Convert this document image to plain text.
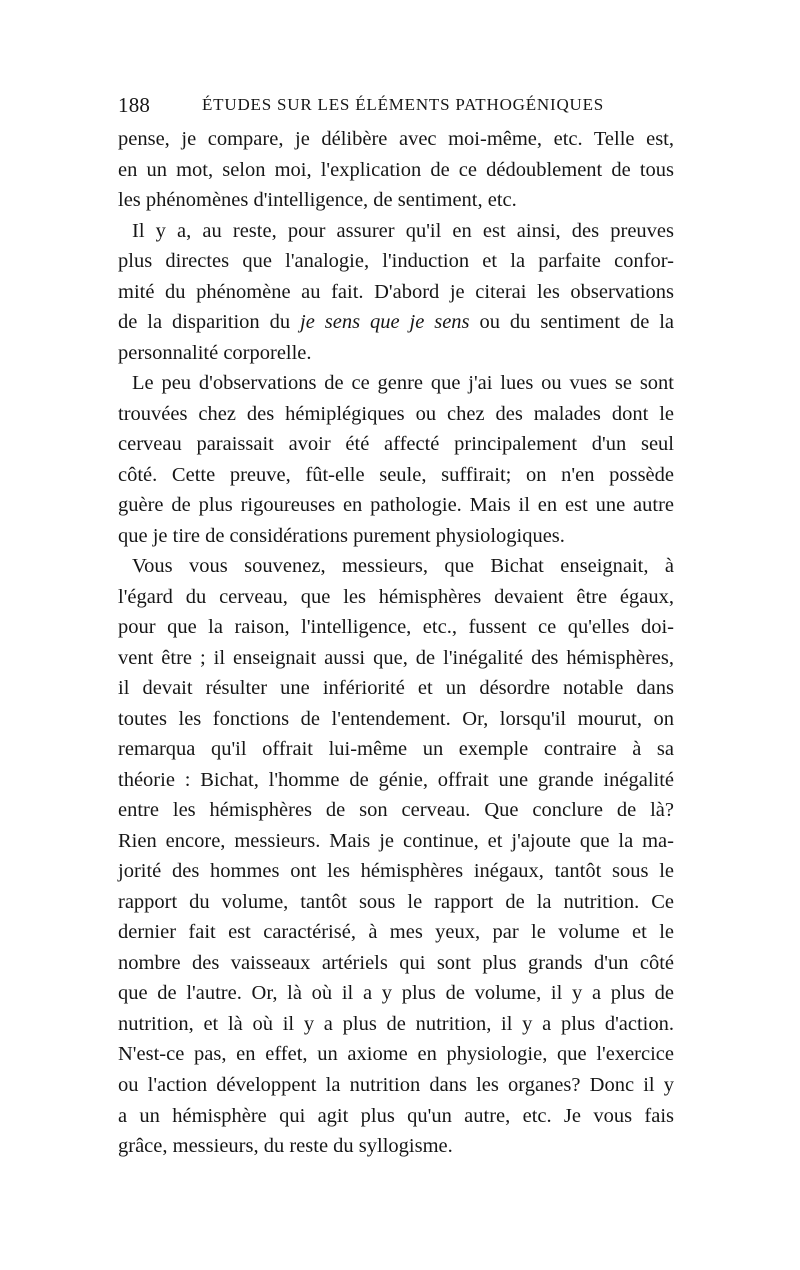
188	ÉTUDES SUR LES ÉLÉMENTS PATHOGÉNIQUES
pense, je compare, je délibère avec moi-même, etc. Telle est,
en un mot, selon moi, l'explication de ce dédoublement de tous
les phénomènes d'intelligence, de sentiment, etc.
Il y a, au reste, pour assurer qu'il en est ainsi, des preuves
plus directes que l'analogie, l'induction et la parfaite confor-
mité du phénomène au fait. D'abord je citerai les observations
de la disparition du je sens que je sens ou du sentiment de la
personnalité corporelle.
Le peu d'observations de ce genre que j'ai lues ou vues se sont
trouvées chez des hémiplégiques ou chez des malades dont le
cerveau paraissait avoir été affecté principalement d'un seul
côté. Cette preuve, fût-elle seule, suffirait; on n'en possède
guère de plus rigoureuses en pathologie. Mais il en est une autre
que je tire de considérations purement physiologiques.
Vous vous souvenez, messieurs, que Bichat enseignait, à
l'égard du cerveau, que les hémisphères devaient être égaux,
pour que la raison, l'intelligence, etc., fussent ce qu'elles doi-
vent être ; il enseignait aussi que, de l'inégalité des hémisphères,
il devait résulter une infériorité et un désordre notable dans
toutes les fonctions de l'entendement. Or, lorsqu'il mourut, on
remarqua qu'il offrait lui-même un exemple contraire à sa
théorie : Bichat, l'homme de génie, offrait une grande inégalité
entre les hémisphères de son cerveau. Que conclure de là?
Rien encore, messieurs. Mais je continue, et j'ajoute que la ma-
jorité des hommes ont les hémisphères inégaux, tantôt sous le
rapport du volume, tantôt sous le rapport de la nutrition. Ce
dernier fait est caractérisé, à mes yeux, par le volume et le
nombre des vaisseaux artériels qui sont plus grands d'un côté
que de l'autre. Or, là où il a y plus de volume, il y a plus de
nutrition, et là où il y a plus de nutrition, il y a plus d'action.
N'est-ce pas, en effet, un axiome en physiologie, que l'exercice
ou l'action développent la nutrition dans les organes? Donc il y
a un hémisphère qui agit plus qu'un autre, etc. Je vous fais
grâce, messieurs, du reste du syllogisme.
